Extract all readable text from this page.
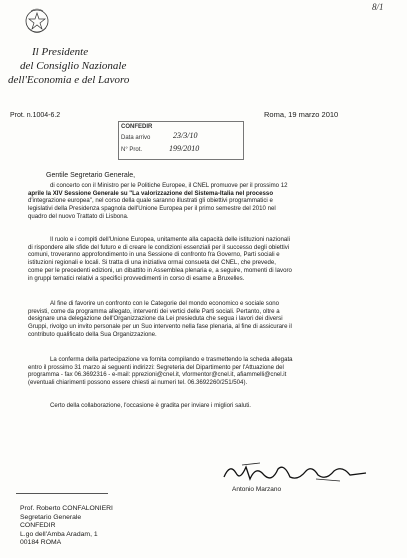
8/1
Il Presidente
del Consiglio Nazionale
dell'Economia e del Lavoro
Prot. n.1004-6.2	Roma, 19 marzo 2010
CONFEDIR
Data arrivo	23/3/10
N° Prot.	199/2010
Gentile Segretario Generale,
di concerto con il Ministro per le Politiche Europee, il CNEL promuove per il prossimo 12
aprile la XIV Sessione Generale su "La valorizzazione del Sistema-Italia nel processo
d'integrazione europea", nel corso della quale saranno illustrati gli obiettivi programmatici e
legislativi della Presidenza spagnola dell'Unione Europea per il primo semestre del 2010 nel
quadro del nuovo Trattato di Lisbona.
Il ruolo e i compiti dell'Unione Europea, unitamente alla capacità delle istituzioni nazionali
di rispondere alle sfide del futuro e di creare le condizioni essenziali per il successo degli obiettivi
comuni, troveranno approfondimento in una Sessione di confronto fra Governo, Parti sociali e
istituzioni regionali e locali. Si tratta di una iniziativa ormai consueta del CNEL, che prevede,
come per le precedenti edizioni, un dibattito in Assemblea plenaria e, a seguire, momenti di lavoro
in gruppi tematici relativi a specifici provvedimenti in corso di esame a Bruxelles.
Al fine di favorire un confronto con le Categorie del mondo economico e sociale sono
previsti, come da programma allegato, interventi dei vertici delle Parti sociali. Pertanto, oltre a
designare una delegazione dell'Organizzazione da Lei presieduta che segua i lavori dei diversi
Gruppi, rivolgo un invito personale per un Suo intervento nella fase plenaria, al fine di assicurare il
contributo qualificato della Sua Organizzazione.
La conferma della partecipazione va fornita compilando e trasmettendo la scheda allegata
entro il prossimo 31 marzo ai seguenti indirizzi: Segreteria del Dipartimento per l'Attuazione del
programma - fax 06.3692316 - e-mail: pprezioni@cnel.it, vformentor@cnel.it, afiammelli@cnel.it
(eventuali chiarimenti possono essere chiesti ai numeri tel. 06.3692260/251/504).
Certo della collaborazione, l'occasione è gradita per inviare i migliori saluti.
Antonio Marzano
Prof. Roberto CONFALONIERI
Segretario Generale
CONFEDIR
L.go dell'Amba Aradam, 1
00184 ROMA
